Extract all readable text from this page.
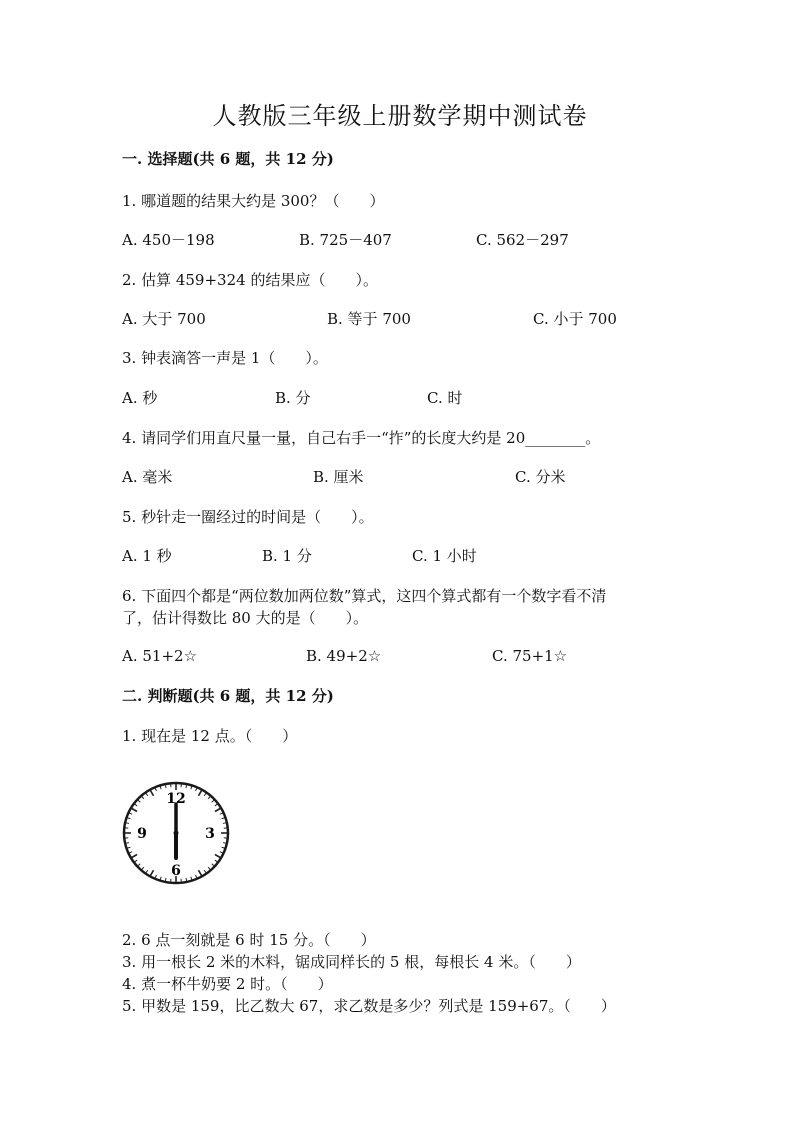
人教版三年级上册数学期中测试卷
一. 选择题(共 6 题，共 12 分)
1. 哪道题的结果大约是 300？（　　）
A. 450－198	B. 725－407	C. 562－297
2. 估算 459+324 的结果应（　　）。
A. 大于 700	B. 等于 700	C. 小于 700
3. 钟表滴答一声是 1（　　）。
A. 秒	B. 分	C. 时
4. 请同学们用直尺量一量，自己右手一“拃”的长度大约是 20________。
A. 毫米	B. 厘米	C. 分米
5. 秒针走一圈经过的时间是（　　）。
A. 1 秒	B. 1 分	C. 1 小时
6. 下面四个都是“两位数加两位数”算式，这四个算式都有一个数字看不清
了，估计得数比 80 大的是（　　）。
A. 51+2☆	B. 49+2☆	C. 75+1☆
二. 判断题(共 6 题，共 12 分)
1. 现在是 12 点。（　　）
12
3
6
9
2. 6 点一刻就是 6 时 15 分。（　　）
3. 用一根长 2 米的木料，锯成同样长的 5 根，每根长 4 米。（　　）
4. 煮一杯牛奶要 2 时。（　　）
5. 甲数是 159，比乙数大 67，求乙数是多少？列式是 159+67。（　　）
